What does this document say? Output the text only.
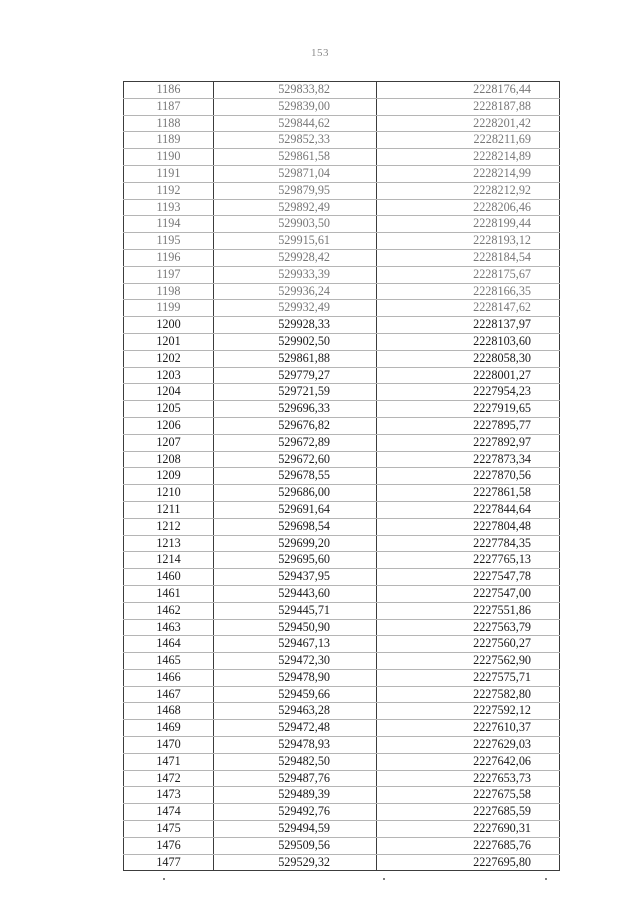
153
1186	529833,82	2228176,44
1187	529839,00	2228187,88
1188	529844,62	2228201,42
1189	529852,33	2228211,69
1190	529861,58	2228214,89
1191	529871,04	2228214,99
1192	529879,95	2228212,92
1193	529892,49	2228206,46
1194	529903,50	2228199,44
1195	529915,61	2228193,12
1196	529928,42	2228184,54
1197	529933,39	2228175,67
1198	529936,24	2228166,35
1199	529932,49	2228147,62
1200	529928,33	2228137,97
1201	529902,50	2228103,60
1202	529861,88	2228058,30
1203	529779,27	2228001,27
1204	529721,59	2227954,23
1205	529696,33	2227919,65
1206	529676,82	2227895,77
1207	529672,89	2227892,97
1208	529672,60	2227873,34
1209	529678,55	2227870,56
1210	529686,00	2227861,58
1211	529691,64	2227844,64
1212	529698,54	2227804,48
1213	529699,20	2227784,35
1214	529695,60	2227765,13
1460	529437,95	2227547,78
1461	529443,60	2227547,00
1462	529445,71	2227551,86
1463	529450,90	2227563,79
1464	529467,13	2227560,27
1465	529472,30	2227562,90
1466	529478,90	2227575,71
1467	529459,66	2227582,80
1468	529463,28	2227592,12
1469	529472,48	2227610,37
1470	529478,93	2227629,03
1471	529482,50	2227642,06
1472	529487,76	2227653,73
1473	529489,39	2227675,58
1474	529492,76	2227685,59
1475	529494,59	2227690,31
1476	529509,56	2227685,76
1477	529529,32	2227695,80
